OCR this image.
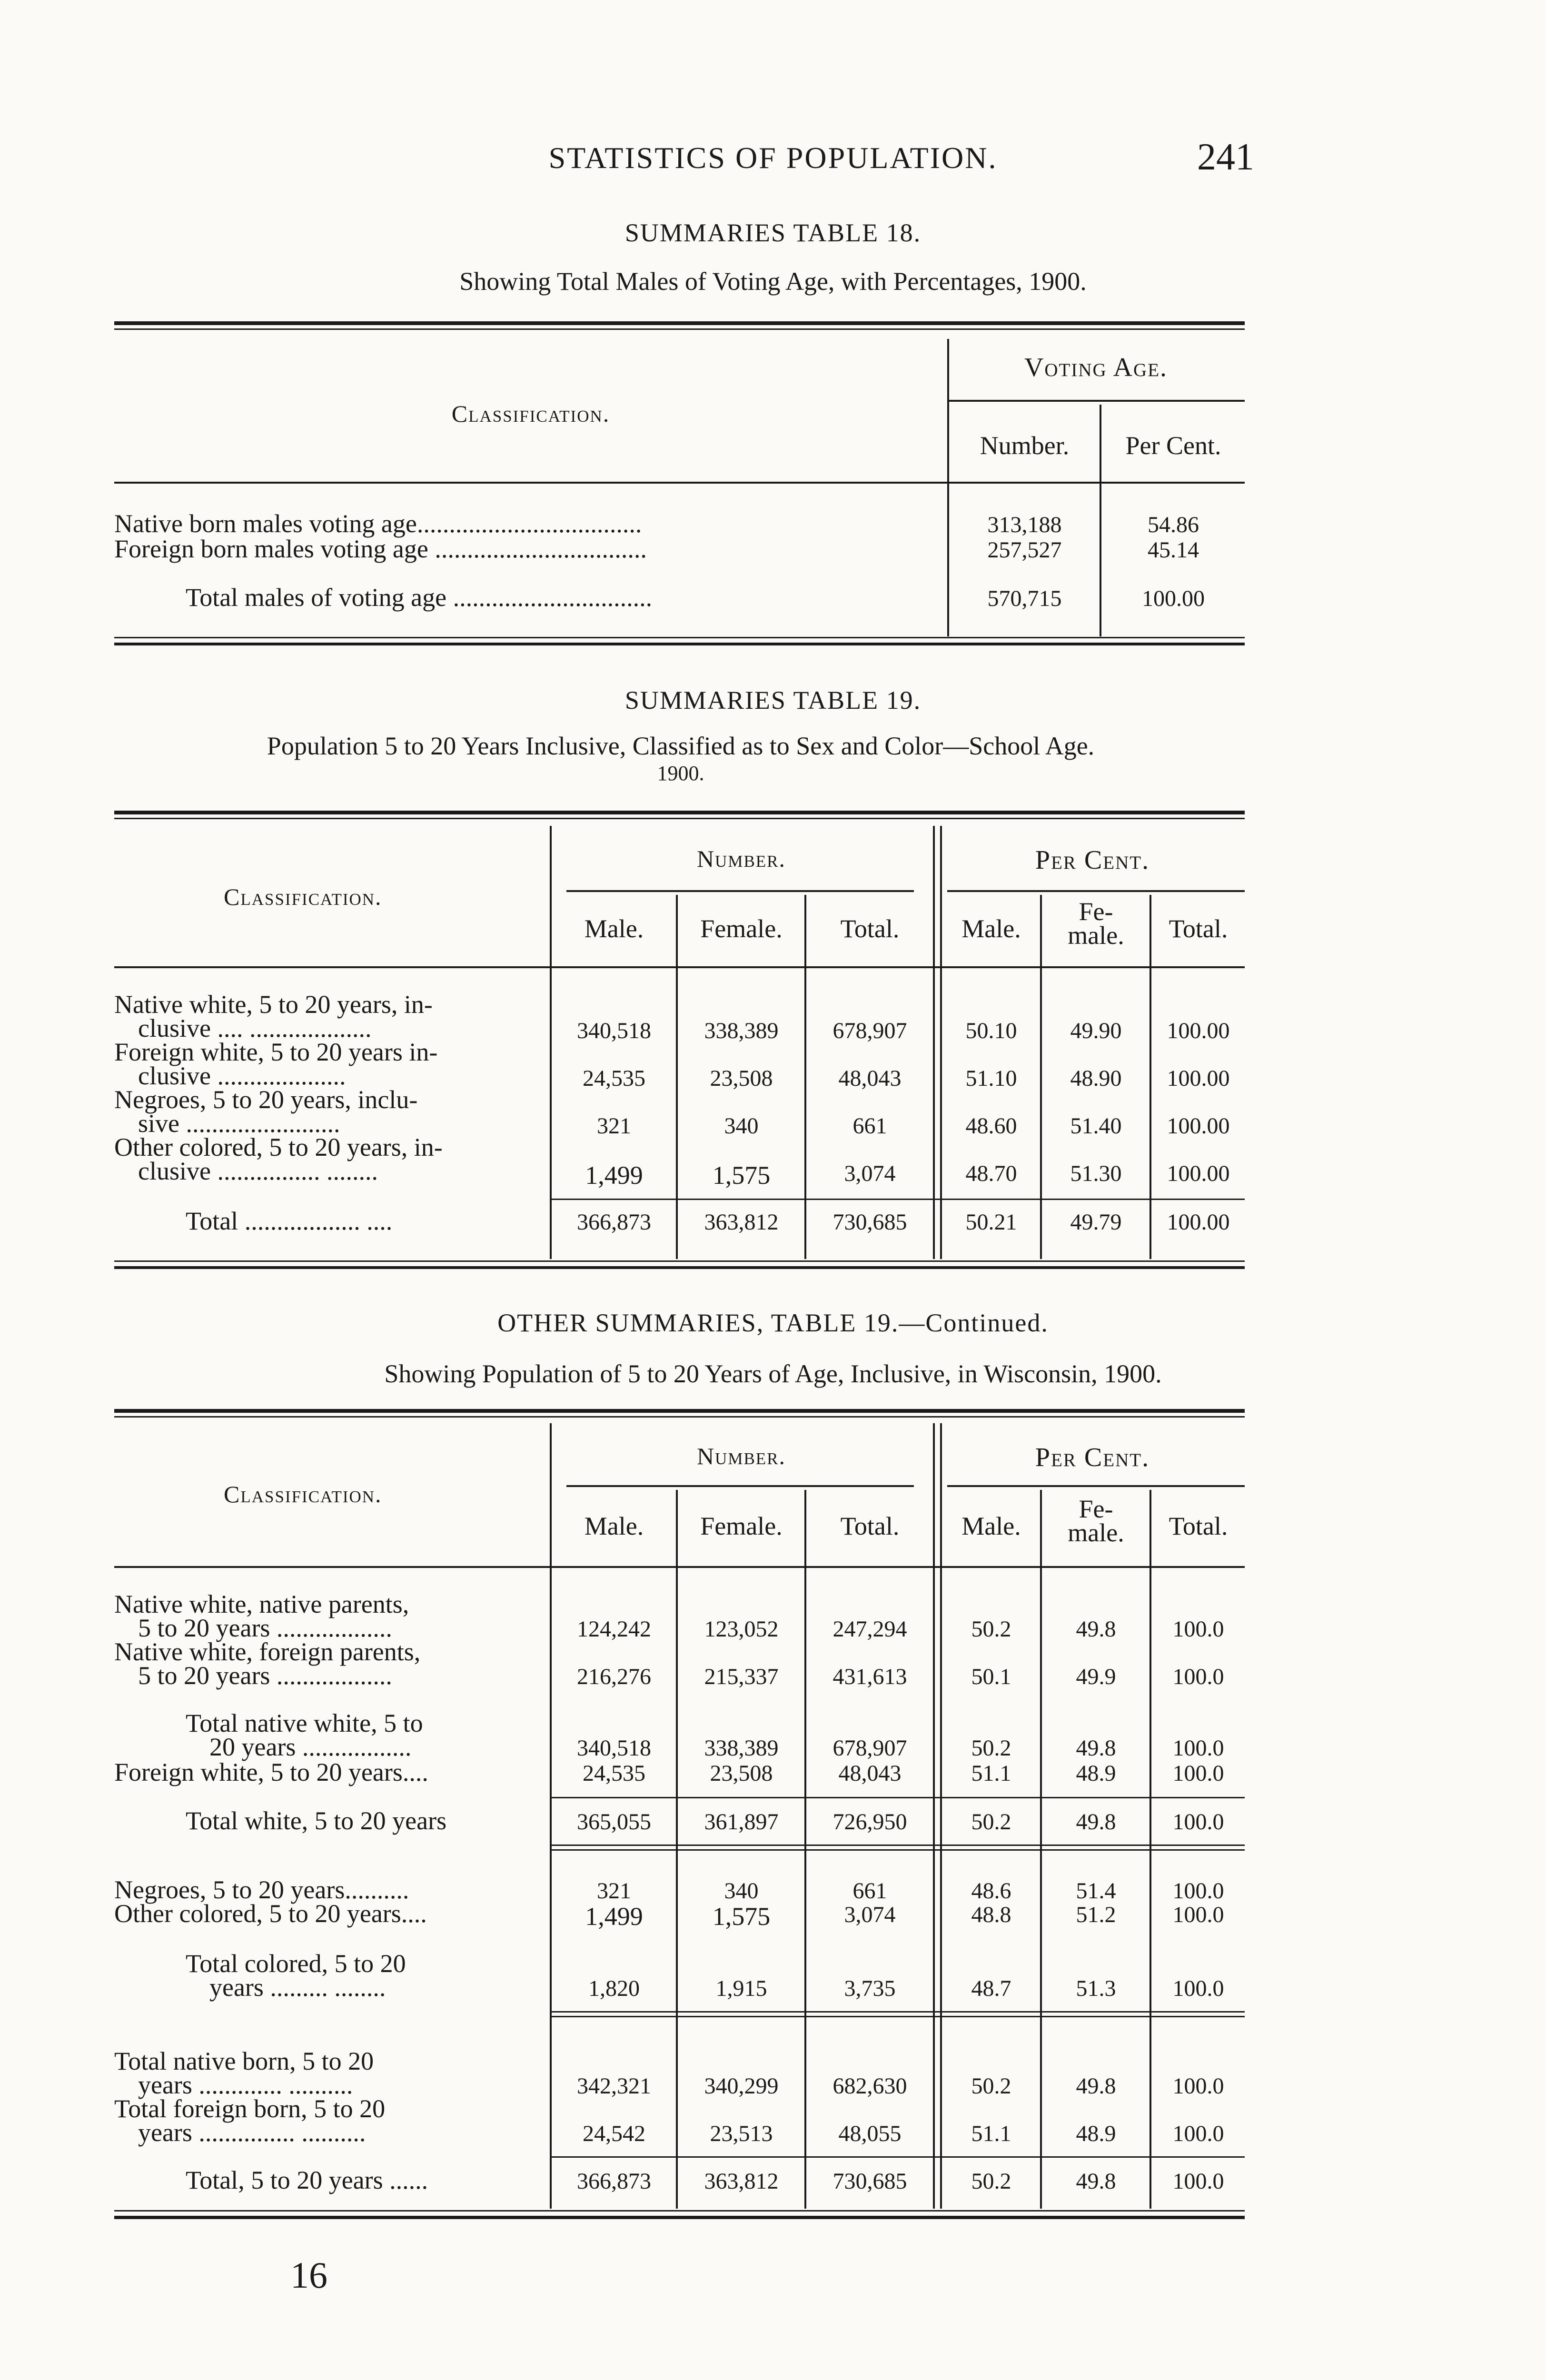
STATISTICS OF POPULATION.	241
SUMMARIES TABLE 18.
Showing Total Males of Voting Age, with Percentages, 1900.
Classification.
Voting Age.
Number.	Per Cent.
Native born males voting age...................................	313,188	54.86
Foreign born males voting age .................................	257,527	45.14
Total males of voting age ...............................	570,715	100.00
SUMMARIES TABLE 19.
Population 5 to 20 Years Inclusive, Classified as to Sex and Color—School Age.
1900.
Classification.
Number.	Per Cent.
Male.	Female.	Total.	Male.
Fe-
male.	Total.
Native white, 5 to 20 years, in-
clusive .... ...................	340,518	338,389	678,907	50.10	49.90	100.00
Foreign white, 5 to 20 years in-
clusive ....................	24,535	23,508	48,043	51.10	48.90	100.00
Negroes, 5 to 20 years, inclu-
sive ........................	321	340	661	48.60	51.40	100.00
Other colored, 5 to 20 years, in-
clusive ................ ........	1,499	1,575	3,074	48.70	51.30	100.00
Total .................. ....	366,873	363,812	730,685	50.21	49.79	100.00
OTHER SUMMARIES, TABLE 19.—Continued.
Showing Population of 5 to 20 Years of Age, Inclusive, in Wisconsin, 1900.
Classification.
Number.	Per Cent.
Male.	Female.	Total.	Male.
Fe-
male.	Total.
Native white, native parents,
5 to 20 years ..................	124,242	123,052	247,294	50.2	49.8	100.0
Native white, foreign parents,
5 to 20 years ..................	216,276	215,337	431,613	50.1	49.9	100.0
Total native white, 5 to
20 years .................	340,518	338,389	678,907	50.2	49.8	100.0
Foreign white, 5 to 20 years....	24,535	23,508	48,043	51.1	48.9	100.0
Total white, 5 to 20 years	365,055	361,897	726,950	50.2	49.8	100.0
Negroes, 5 to 20 years..........	321	340	661	48.6	51.4	100.0
Other colored, 5 to 20 years....	1,499	1,575	3,074	48.8	51.2	100.0
Total colored, 5 to 20
years ......... ........	1,820	1,915	3,735	48.7	51.3	100.0
Total native born, 5 to 20
years ............. ..........	342,321	340,299	682,630	50.2	49.8	100.0
Total foreign born, 5 to 20
years ............... ..........	24,542	23,513	48,055	51.1	48.9	100.0
Total, 5 to 20 years ......	366,873	363,812	730,685	50.2	49.8	100.0
16
